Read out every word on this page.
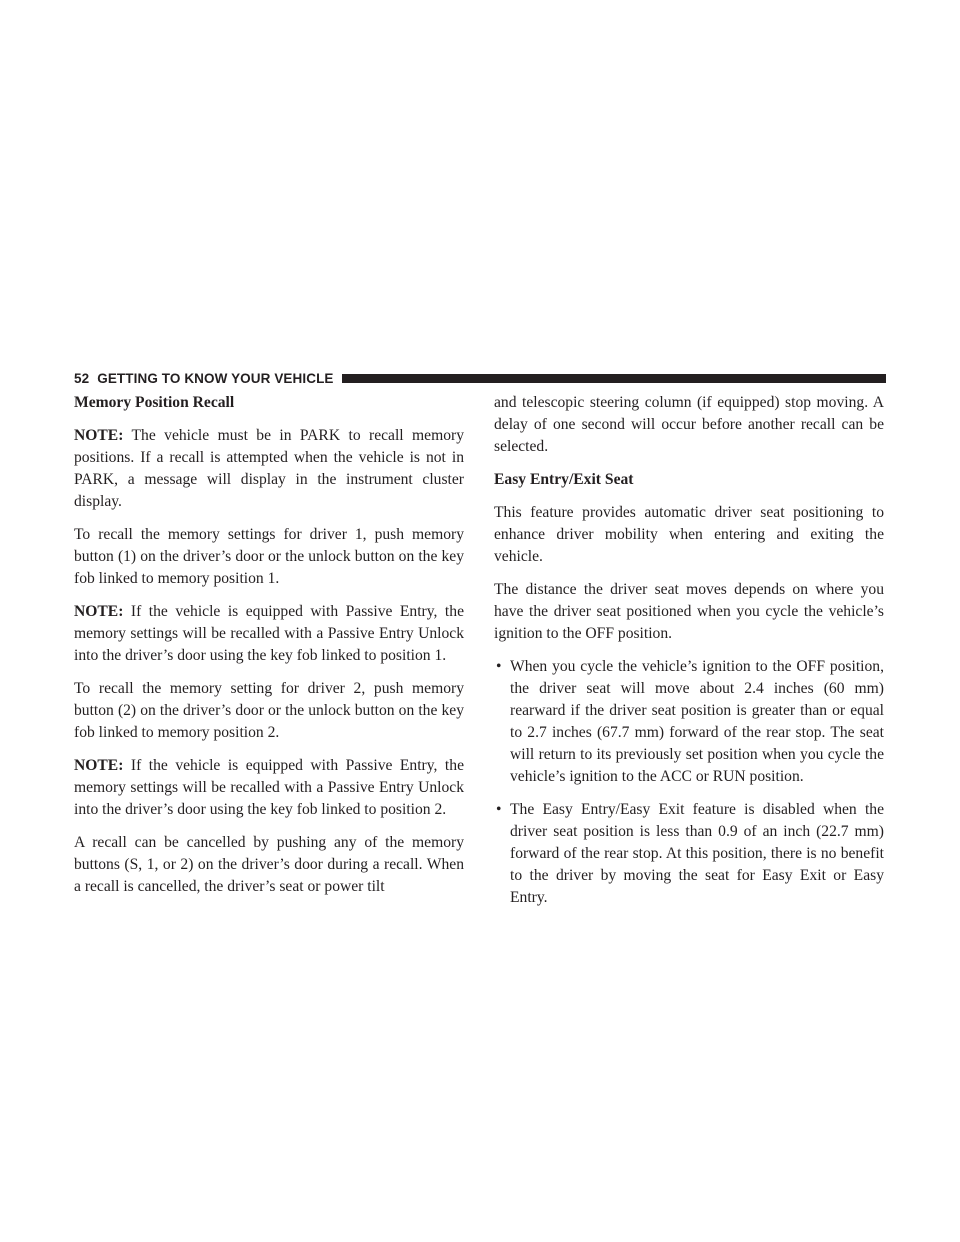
52 GETTING TO KNOW YOUR VEHICLE
Memory Position Recall

NOTE: The vehicle must be in PARK to recall memory positions. If a recall is attempted when the vehicle is not in PARK, a message will display in the instrument cluster display.

To recall the memory settings for driver 1, push memory button (1) on the driver’s door or the unlock button on the key fob linked to memory position 1.

NOTE: If the vehicle is equipped with Passive Entry, the memory settings will be recalled with a Passive Entry Unlock into the driver’s door using the key fob linked to position 1.

To recall the memory setting for driver 2, push memory button (2) on the driver’s door or the unlock button on the key fob linked to memory position 2.

NOTE: If the vehicle is equipped with Passive Entry, the memory settings will be recalled with a Passive Entry Unlock into the driver’s door using the key fob linked to position 2.

A recall can be cancelled by pushing any of the memory buttons (S, 1, or 2) on the driver’s door during a recall. When a recall is cancelled, the driver’s seat or power tilt

and telescopic steering column (if equipped) stop moving. A delay of one second will occur before another recall can be selected.

Easy Entry/Exit Seat

This feature provides automatic driver seat positioning to enhance driver mobility when entering and exiting the vehicle.

The distance the driver seat moves depends on where you have the driver seat positioned when you cycle the vehicle’s ignition to the OFF position.

• When you cycle the vehicle’s ignition to the OFF position, the driver seat will move about 2.4 inches (60 mm) rearward if the driver seat position is greater than or equal to 2.7 inches (67.7 mm) forward of the rear stop. The seat will return to its previously set position when you cycle the vehicle’s ignition to the ACC or RUN position.
• The Easy Entry/Easy Exit feature is disabled when the driver seat position is less than 0.9 of an inch (22.7 mm) forward of the rear stop. At this position, there is no benefit to the driver by moving the seat for Easy Exit or Easy Entry.
